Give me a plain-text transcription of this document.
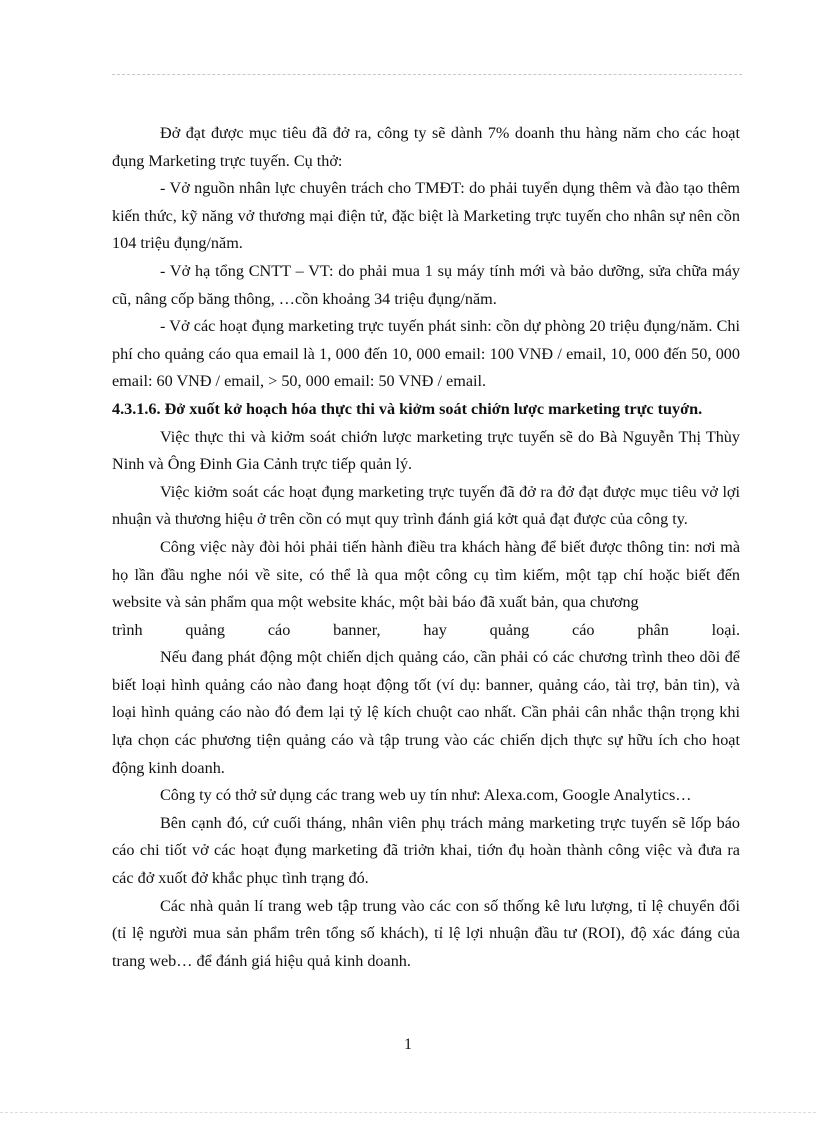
Đở đạt được mục tiêu đã đở ra, công ty sẽ dành 7% doanh thu hàng năm cho các hoạt đụng Marketing trực tuyến. Cụ thở:

- Vở nguồn nhân lực chuyên trách cho TMĐT: do phải tuyển dụng thêm và đào tạo thêm kiến thức, kỹ năng vở thương mại điện tử, đặc biệt là Marketing trực tuyến cho nhân sự nên cồn 104 triệu đụng/năm.

- Vở hạ tổng CNTT – VT: do phải mua 1 sụ máy tính mới và bảo dưỡng, sửa chữa máy cũ, nâng cốp băng thông, …cồn khoảng 34 triệu đụng/năm.

- Vở các hoạt đụng marketing trực tuyến phát sinh: cồn dự phòng 20 triệu đụng/năm. Chi phí cho quảng cáo qua email là 1, 000 đến 10, 000 email: 100 VNĐ / email, 10, 000 đến 50, 000 email: 60 VNĐ / email, > 50, 000 email: 50 VNĐ / email.

4.3.1.6. Đở xuốt kở hoạch hóa thực thi và kiởm soát chiớn lược marketing trực tuyớn.

Việc thực thi và kiởm soát chiớn lược marketing trực tuyến sẽ do Bà Nguyễn Thị Thùy Ninh và Ông Đinh Gia Cảnh trực tiếp quản lý.

Việc kiởm soát các hoạt đụng marketing trực tuyến đã đở ra đở đạt được mục tiêu vở lợi nhuận và thương hiệu ở trên cồn có mụt quy trình đánh giá kởt quả đạt được của công ty.

Công việc này đòi hỏi phải tiến hành điều tra khách hàng để biết được thông tin: nơi mà họ lần đầu nghe nói về site, có thể là qua một công cụ tìm kiếm, một tạp chí hoặc biết đến website và sản phẩm qua một website khác, một bài báo đã xuất bản, qua chương

trình quảng cáo banner, hay quảng cáo phân loại.

Nếu đang phát động một chiến dịch quảng cáo, cần phải có các chương trình theo dõi để biết loại hình quảng cáo nào đang hoạt động tốt (ví dụ: banner, quảng cáo, tài trợ, bản tin), và loại hình quảng cáo nào đó đem lại tỷ lệ kích chuột cao nhất. Cần phải cân nhắc thận trọng khi lựa chọn các phương tiện quảng cáo và tập trung vào các chiến dịch thực sự hữu ích cho hoạt động kinh doanh.

Công ty có thở sử dụng các trang web uy tín như: Alexa.com, Google Analytics…

Bên cạnh đó, cứ cuối tháng, nhân viên phụ trách mảng marketing trực tuyến sẽ lốp báo cáo chi tiốt vở các hoạt đụng marketing đã triởn khai, tiớn đụ hoàn thành công việc và đưa ra các đở xuốt đở khắc phục tình trạng đó.

Các nhà quản lí trang web tập trung vào các con số thống kê lưu lượng, tỉ lệ chuyển đổi (tỉ lệ người mua sản phẩm trên tổng số khách), tỉ lệ lợi nhuận đầu tư (ROI), độ xác đáng của trang web… để đánh giá hiệu quả kinh doanh.

1
